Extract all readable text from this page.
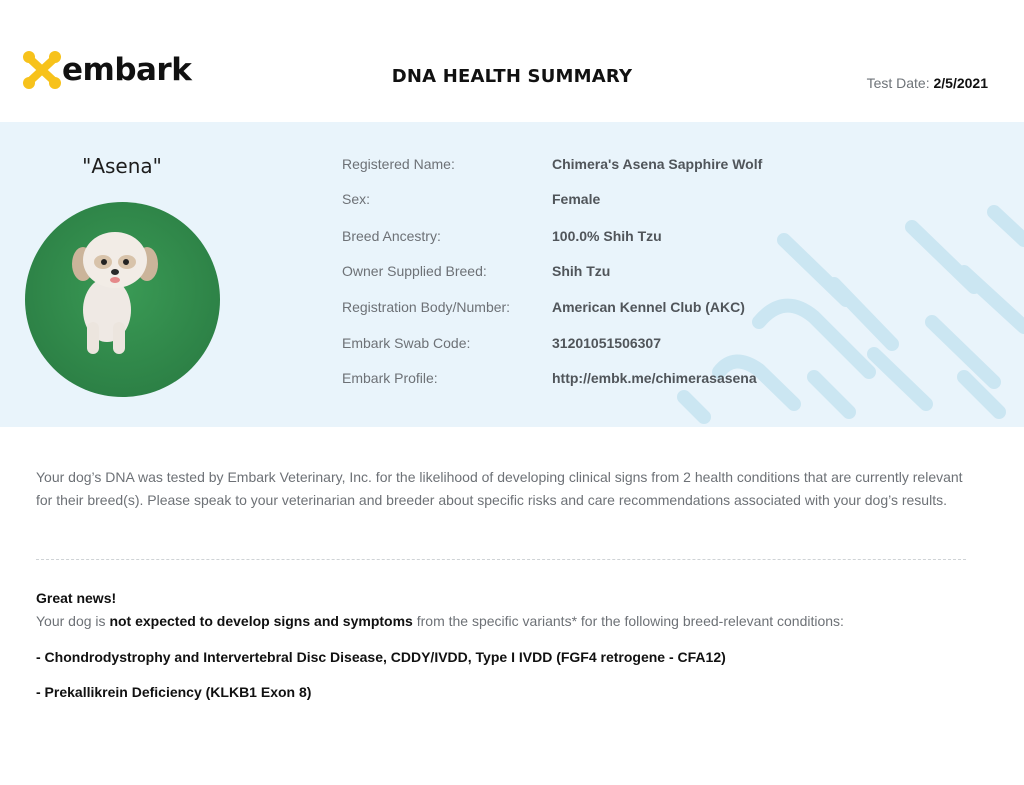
embark	DNA HEALTH SUMMARY	Test Date: 2/5/2021
"Asena"	Registered Name:	Chimera's Asena Sapphire Wolf
Sex:	Female
Breed Ancestry:	100.0% Shih Tzu
Owner Supplied Breed:	Shih Tzu
Registration Body/Number:	American Kennel Club (AKC)
Embark Swab Code:	31201051506307
Embark Profile:	http://embk.me/chimerasasena
Your dog’s DNA was tested by Embark Veterinary, Inc. for the likelihood of developing clinical signs from 2 health conditions that are currently relevant for their breed(s). Please speak to your veterinarian and breeder about specific risks and care recommendations associated with your dog’s results.
Great news!
Your dog is not expected to develop signs and symptoms from the specific variants* for the following breed-relevant conditions:
- Chondrodystrophy and Intervertebral Disc Disease, CDDY/IVDD, Type I IVDD (FGF4 retrogene - CFA12)
- Prekallikrein Deficiency (KLKB1 Exon 8)
